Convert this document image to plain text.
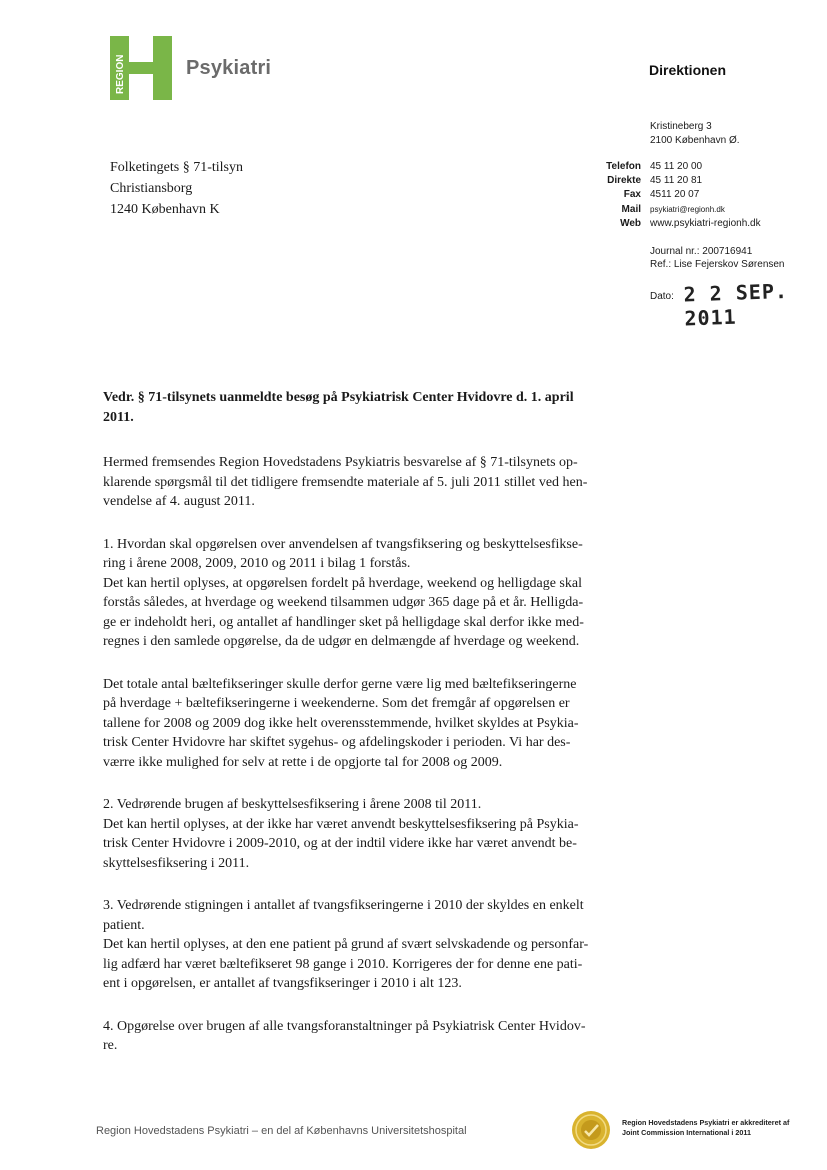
REGION	Psykiatri	Direktionen
Kristineberg 3
2100 København Ø.
Telefon 45 11 20 00
Direkte 45 11 20 81
Fax 4511 20 07
Mail	psykiatri@regionh.dk
Web www.psykiatri-regionh.dk
Journal nr.: 200716941
Ref.: Lise Fejerskov Sørensen
Dato: 2 2 SEP. 2011
Folketingets § 71-tilsyn
Christiansborg
1240 København K
Vedr. § 71-tilsynets uanmeldte besøg på Psykiatrisk Center Hvidovre d. 1. april
2011.

Hermed fremsendes Region Hovedstadens Psykiatris besvarelse af § 71-tilsynets op-

klarende spørgsmål til det tidligere fremsendte materiale af 5. juli 2011 stillet ved hen-

vendelse af 4. august 2011.

1. Hvordan skal opgørelsen over anvendelsen af tvangsfiksering og beskyttelsesfikse-

ring i årene 2008, 2009, 2010 og 2011 i bilag 1 forstås.

Det kan hertil oplyses, at opgørelsen fordelt på hverdage, weekend og helligdage skal

forstås således, at hverdage og weekend tilsammen udgør 365 dage på et år. Helligda-

ge er indeholdt heri, og antallet af handlinger sket på helligdage skal derfor ikke med-

regnes i den samlede opgørelse, da de udgør en delmængde af hverdage og weekend.

Det totale antal bæltefikseringer skulle derfor gerne være lig med bæltefikseringerne

på hverdage + bæltefikseringerne i weekenderne. Som det fremgår af opgørelsen er

tallene for 2008 og 2009 dog ikke helt overensstemmende, hvilket skyldes at Psykia-

trisk Center Hvidovre har skiftet sygehus- og afdelingskoder i perioden. Vi har des-

værre ikke mulighed for selv at rette i de opgjorte tal for 2008 og 2009.

2. Vedrørende brugen af beskyttelsesfiksering i årene 2008 til 2011.

Det kan hertil oplyses, at der ikke har været anvendt beskyttelsesfiksering på Psykia-

trisk Center Hvidovre i 2009-2010, og at der indtil videre ikke har været anvendt be-

skyttelsesfiksering i 2011.

3. Vedrørende stigningen i antallet af tvangsfikseringerne i 2010 der skyldes en enkelt

patient.

Det kan hertil oplyses, at den ene patient på grund af svært selvskadende og personfar-

lig adfærd har været bæltefikseret 98 gange i 2010. Korrigeres der for denne ene pati-

ent i opgørelsen, er antallet af tvangsfikseringer i 2010 i alt 123.

4. Opgørelse over brugen af alle tvangsforanstaltninger på Psykiatrisk Center Hvidov-

re.

Region Hovedstadens Psykiatri – en del af Københavns Universitetshospital
Region Hovedstadens Psykiatri er akkrediteret af
Joint Commission International i 2011
